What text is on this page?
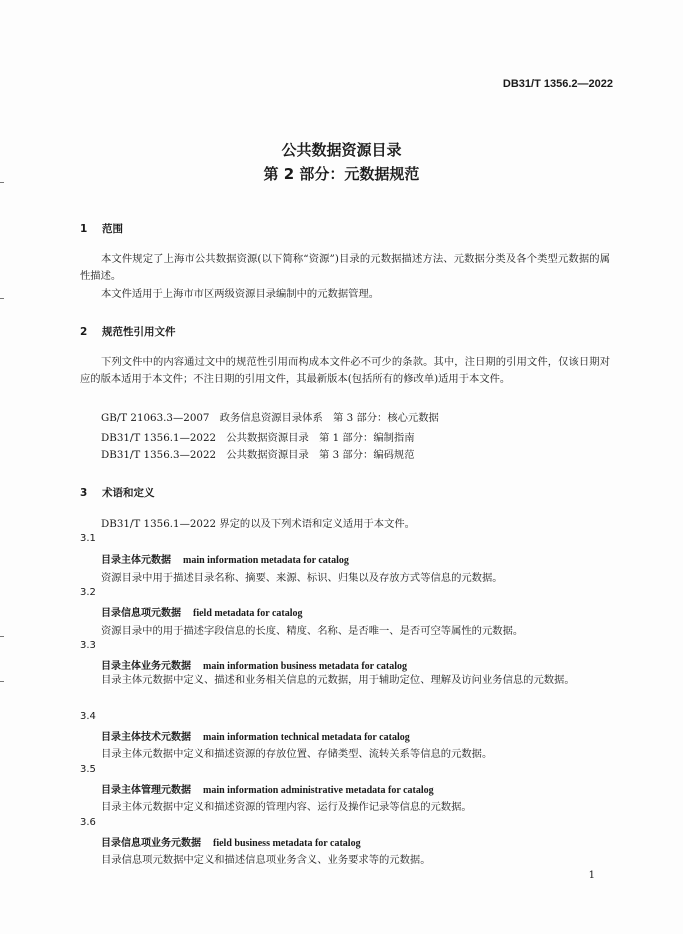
DB31/T 1356.2—2022
公共数据资源目录
第 2 部分：元数据规范
1 范围
本文件规定了上海市公共数据资源(以下简称“资源”)目录的元数据描述方法、元数据分类及各个类型元数据的属性描述。
本文件适用于上海市市区两级资源目录编制中的元数据管理。
2 规范性引用文件
下列文件中的内容通过文中的规范性引用而构成本文件必不可少的条款。其中，注日期的引用文件，仅该日期对应的版本适用于本文件；不注日期的引用文件，其最新版本(包括所有的修改单)适用于本文件。
GB/T 21063.3—2007　政务信息资源目录体系　第 3 部分：核心元数据
DB31/T 1356.1—2022　公共数据资源目录　第 1 部分：编制指南
DB31/T 1356.3—2022　公共数据资源目录　第 3 部分：编码规范
3 术语和定义
DB31/T 1356.1—2022 界定的以及下列术语和定义适用于本文件。
3.1
目录主体元数据 main information metadata for catalog
资源目录中用于描述目录名称、摘要、来源、标识、归集以及存放方式等信息的元数据。
3.2
目录信息项元数据 field metadata for catalog
资源目录中的用于描述字段信息的长度、精度、名称、是否唯一、是否可空等属性的元数据。
3.3
目录主体业务元数据 main information business metadata for catalog
目录主体元数据中定义、描述和业务相关信息的元数据，用于辅助定位、理解及访问业务信息的元数据。
3.4
目录主体技术元数据 main information technical metadata for catalog
目录主体元数据中定义和描述资源的存放位置、存储类型、流转关系等信息的元数据。
3.5
目录主体管理元数据 main information administrative metadata for catalog
目录主体元数据中定义和描述资源的管理内容、运行及操作记录等信息的元数据。
3.6
目录信息项业务元数据 field business metadata for catalog
目录信息项元数据中定义和描述信息项业务含义、业务要求等的元数据。
1
